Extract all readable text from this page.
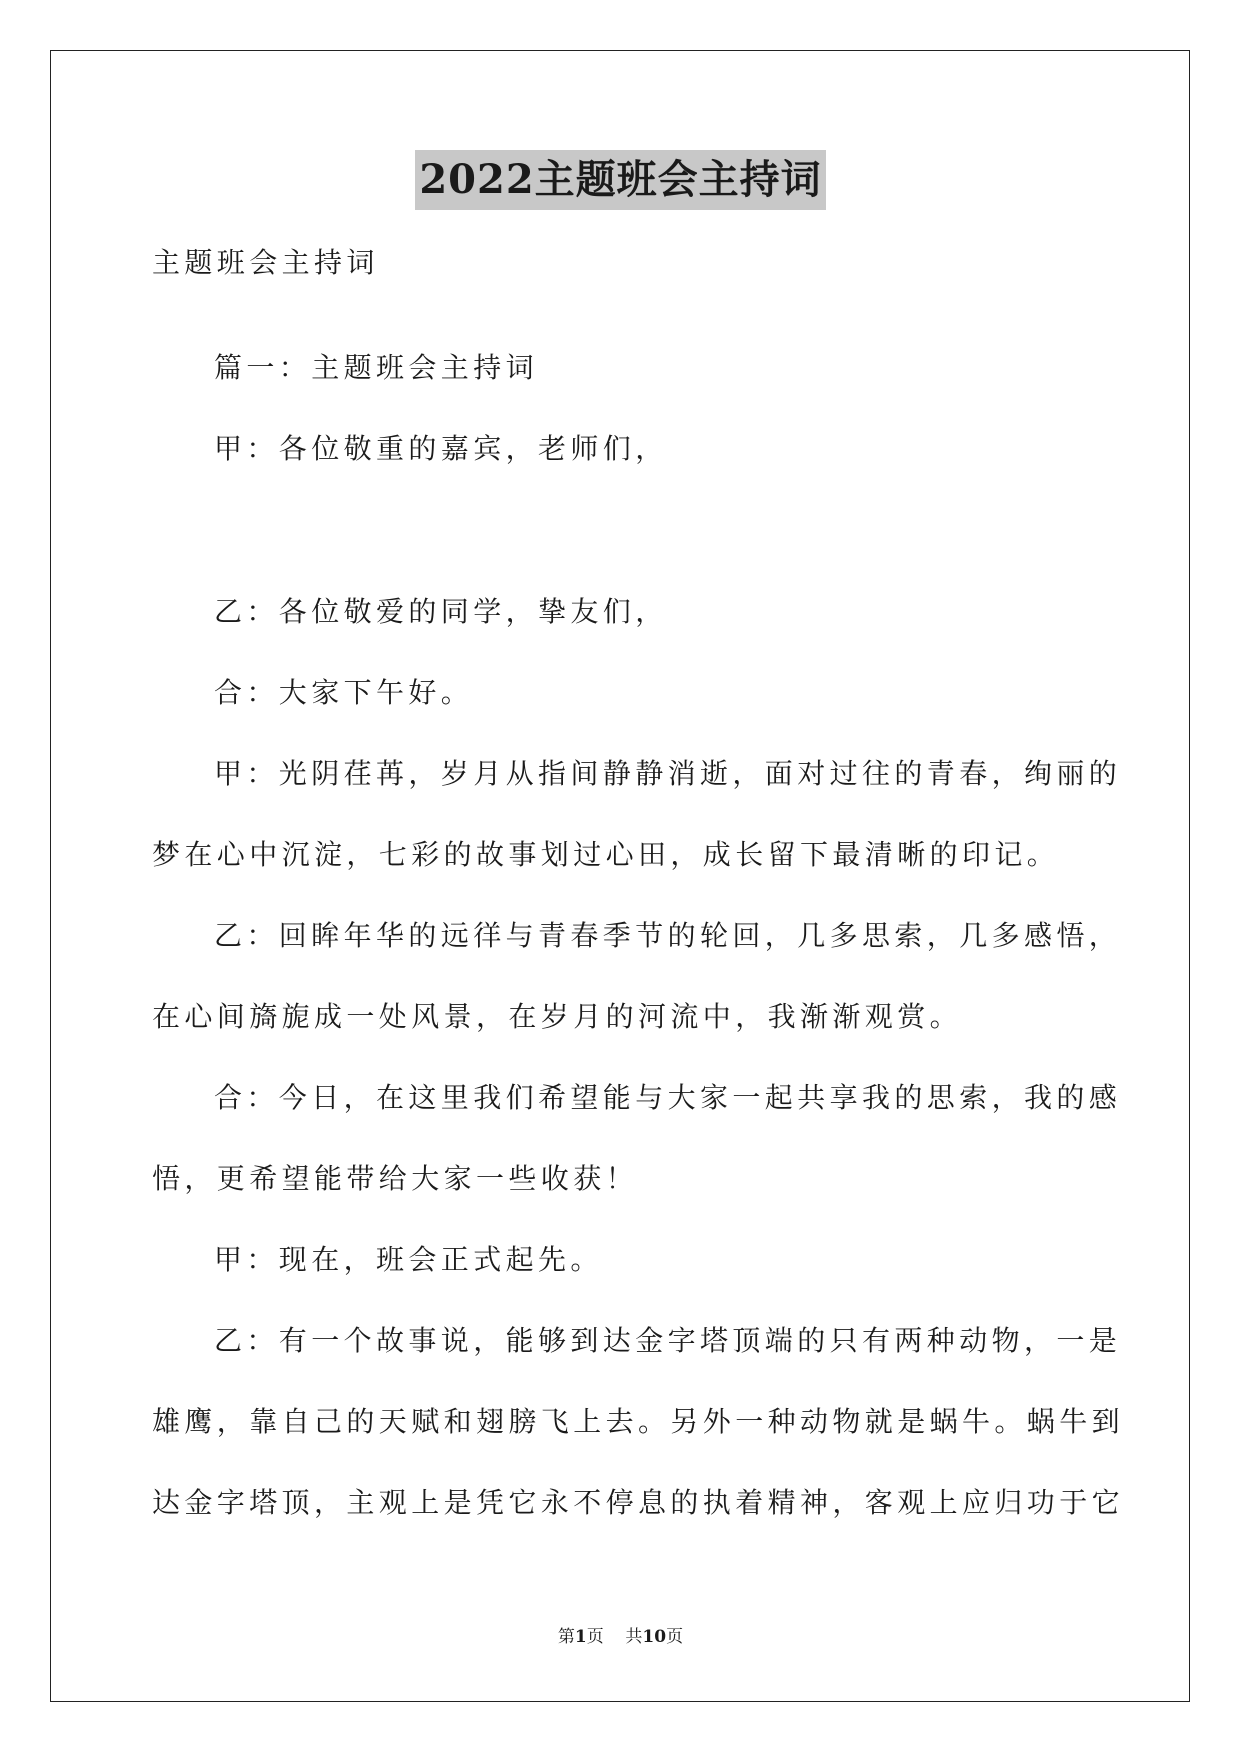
2022主题班会主持词
主题班会主持词
篇一：主题班会主持词
甲：各位敬重的嘉宾，老师们，
乙：各位敬爱的同学，挚友们，
合：大家下午好。
甲：光阴荏苒，岁月从指间静静消逝，面对过往的青春，绚丽的
梦在心中沉淀，七彩的故事划过心田，成长留下最清晰的印记。
乙：回眸年华的远徉与青春季节的轮回，几多思索，几多感悟，
在心间旖旎成一处风景，在岁月的河流中，我渐渐观赏。
合：今日，在这里我们希望能与大家一起共享我的思索，我的感
悟，更希望能带给大家一些收获！
甲：现在，班会正式起先。
乙：有一个故事说，能够到达金字塔顶端的只有两种动物，一是
雄鹰，靠自己的天赋和翅膀飞上去。另外一种动物就是蜗牛。蜗牛到
达金字塔顶，主观上是凭它永不停息的执着精神，客观上应归功于它
第1页 共10页
